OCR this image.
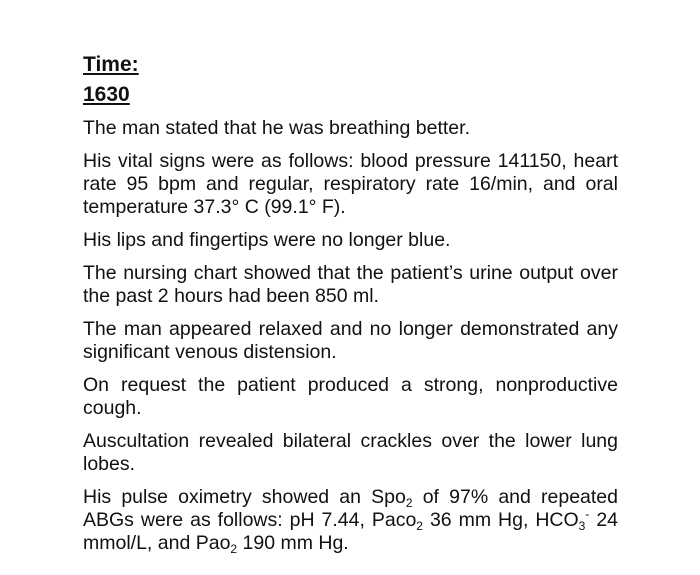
Time:
1630

The man stated that he was breathing better.

His vital signs were as follows: blood pressure 141150, heart rate 95 bpm and regular, respiratory rate 16/min, and oral temperature 37.3° C (99.1° F).

His lips and fingertips were no longer blue.

The nursing chart showed that the patient’s urine output over the past 2 hours had been 850 ml.

The man appeared relaxed and no longer demonstrated any significant venous distension.

On request the patient produced a strong, nonproductive cough.

Auscultation revealed bilateral crackles over the lower lung lobes.

His pulse oximetry showed an Spo$_2$ of 97% and repeated ABGs were as follows: pH 7.44, Paco$_2$ 36 mm Hg, $HCO_3^-$ 24 mmol/L, and Pao$_2$ 190 mm Hg.
